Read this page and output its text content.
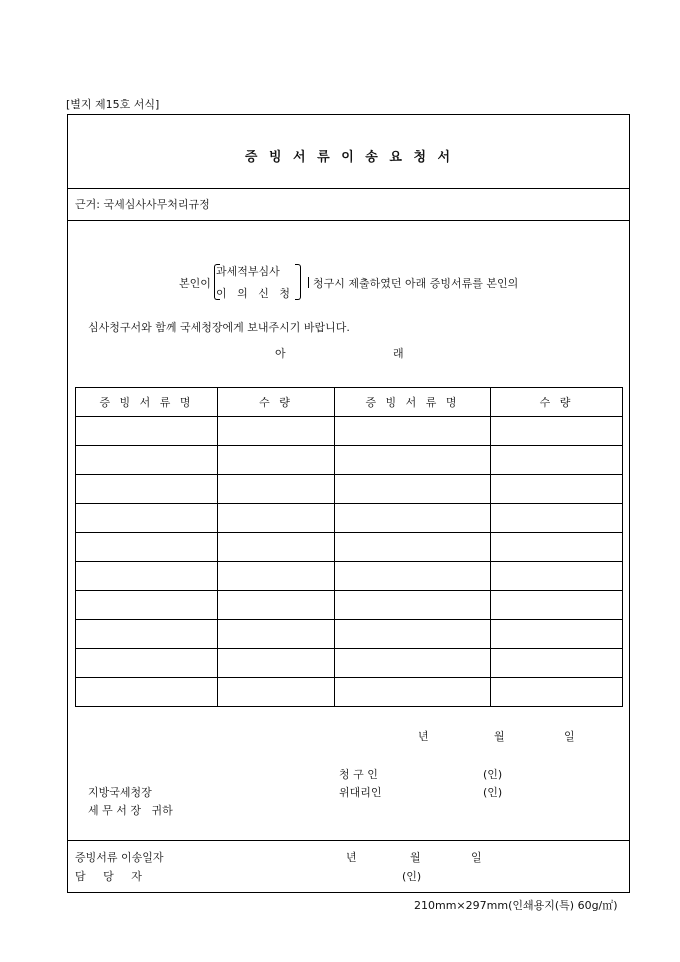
[별지 제15호 서식]
증 빙 서 류 이 송 요 청 서
근거: 국세심사사무처리규정
본인이
과세적부심사
이 의 신 청
청구시 제출하였던 아래 증빙서류를 본인의
심사청구서와 함께 국세청장에게 보내주시기 바랍니다.
아	래
증 빙 서 류 명	수 량	증 빙 서 류 명	수 량

년	월	일
청 구 인	(인)
위대리인	(인)
지방국세청장
세 무 서 장   귀하
증빙서류 이송일자	년	월	일
담     당     자	(인)
210mm×297mm(인쇄용지(특) 60g/㎡)
